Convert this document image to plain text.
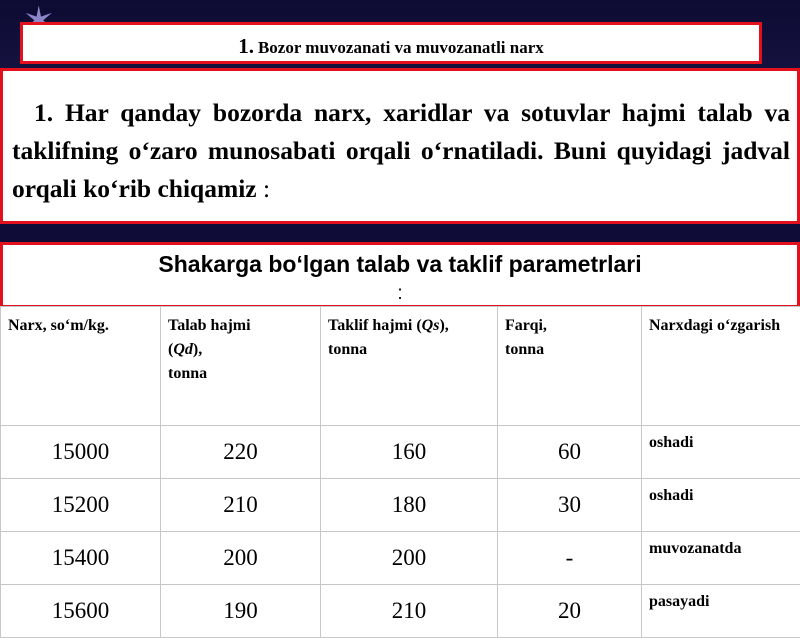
1. Bozor muvozanati va muvozanatli narx

1. Har qanday bozorda narx, xaridlar va sotuvlar hajmi talab va taklifning o‘zaro munosabati orqali o‘rnatiladi. Buni quyidagi jadval orqali ko‘rib chiqamiz :

Shakarga bo‘lgan talab va taklif parametrlari
:
Narx, so‘m/kg.	Talab hajmi
(Qd),
tonna	Taklif hajmi (Qs),
tonna	Farqi,
tonna	Narxdagi o‘zgarish
15000	220	160	60	oshadi
15200	210	180	30	oshadi
15400	200	200	-	muvozanatda
15600	190	210	20	pasayadi
